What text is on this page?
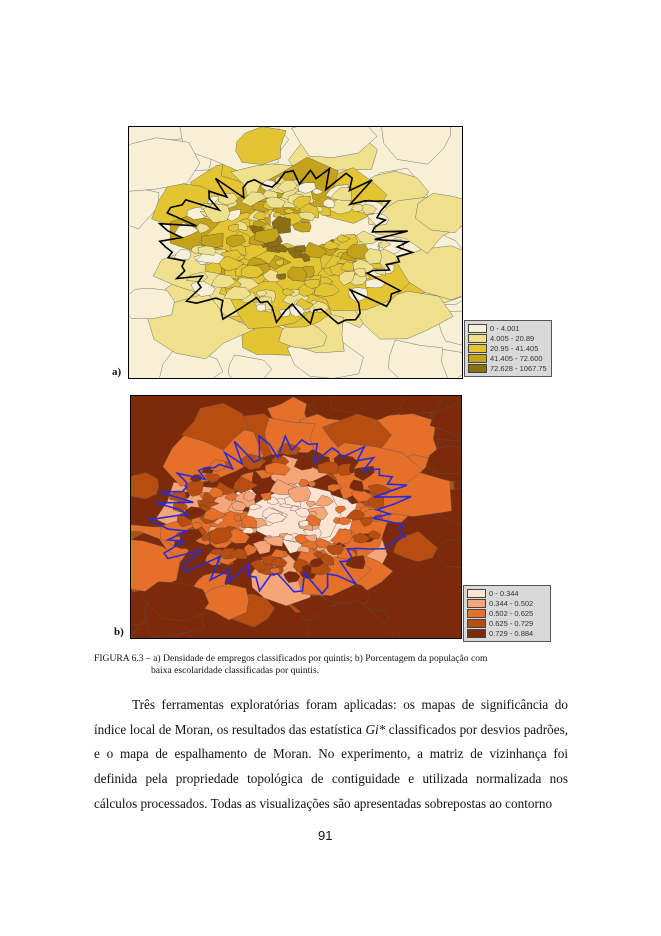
a)
0 - 4.001
4.005 - 20.89
20.95 - 41.405
41.405 - 72.600
72.628 - 1067.75
b)
0 - 0.344
0.344 - 0.502
0.502 - 0.625
0.625 - 0.729
0.729 - 0.884
FIGURA 6.3 – a) Densidade de empregos classificados por quintis; b) Porcentagem da população com
baixa escolaridade classificadas por quintis.

Três ferramentas exploratórias foram aplicadas: os mapas de significância do índice local de Moran, os resultados das estatística Gi* classificados por desvios padrões, e o mapa de espalhamento de Moran. No experimento, a matriz de vizinhança foi definida pela propriedade topológica de contiguidade e utilizada normalizada nos cálculos processados. Todas as visualizações são apresentadas sobrepostas ao contorno

91
